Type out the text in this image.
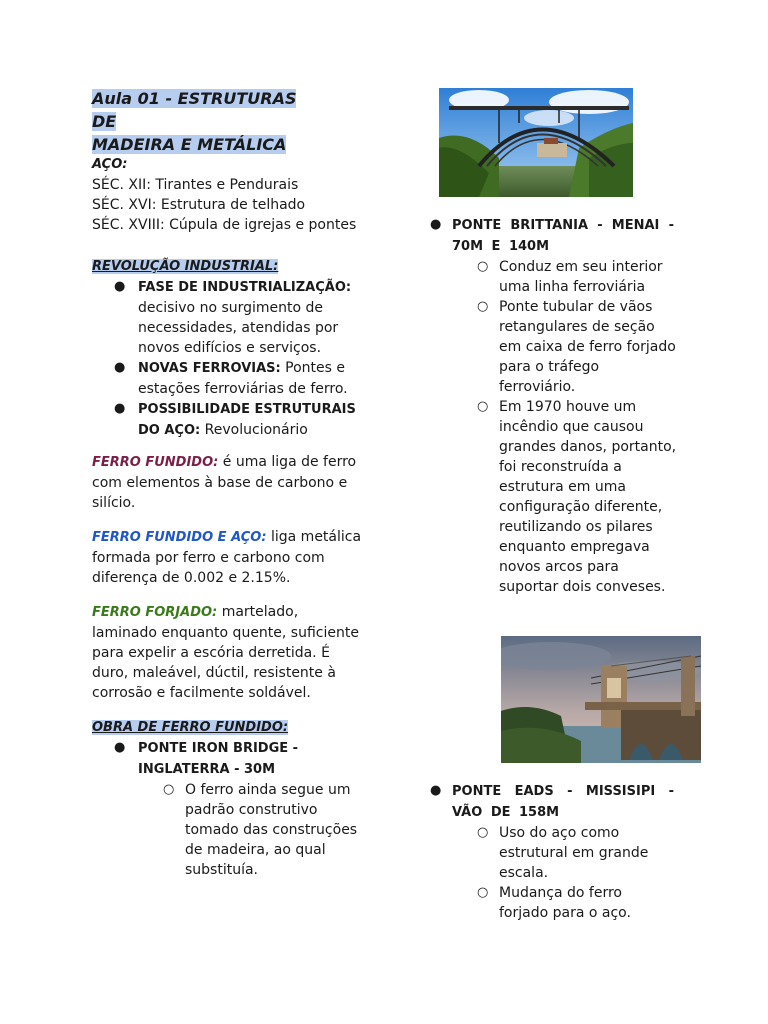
Aula 01 - ESTRUTURAS DE
MADEIRA E METÁLICA
AÇO:
SÉC. XII: Tirantes e Pendurais
SÉC. XVI: Estrutura de telhado
SÉC. XVIII: Cúpula de igrejas e pontes
REVOLUÇÃO INDUSTRIAL:
● FASE DE INDUSTRIALIZAÇÃO: decisivo no surgimento de necessidades, atendidas por novos edifícios e serviços.
● NOVAS FERROVIAS: Pontes e estações ferroviárias de ferro.
● POSSIBILIDADE ESTRUTURAIS DO AÇO: Revolucionário
FERRO FUNDIDO: é uma liga de ferro com elementos à base de carbono e silício.
FERRO FUNDIDO E AÇO: liga metálica formada por ferro e carbono com diferença de 0.002 e 2.15%.
FERRO FORJADO: martelado, laminado enquanto quente, suficiente para expelir a escória derretida. É duro, maleável, dúctil, resistente à corrosão e facilmente soldável.
OBRA DE FERRO FUNDIDO:
● PONTE IRON BRIDGE - INGLATERRA - 30M
○ O ferro ainda segue um padrão construtivo tomado das construções de madeira, ao qual substituía.
● PONTE BRITTANIA - MENAI - 70M E 140M
○ Conduz em seu interior uma linha ferroviária
○ Ponte tubular de vãos retangulares de seção em caixa de ferro forjado para o tráfego ferroviário.
○ Em 1970 houve um incêndio que causou grandes danos, portanto, foi reconstruída a estrutura em uma configuração diferente, reutilizando os pilares enquanto empregava novos arcos para suportar dois conveses.
● PONTE EADS - MISSISIPI - VÃO DE 158M
○ Uso do aço como estrutural em grande escala.
○ Mudança do ferro forjado para o aço.
